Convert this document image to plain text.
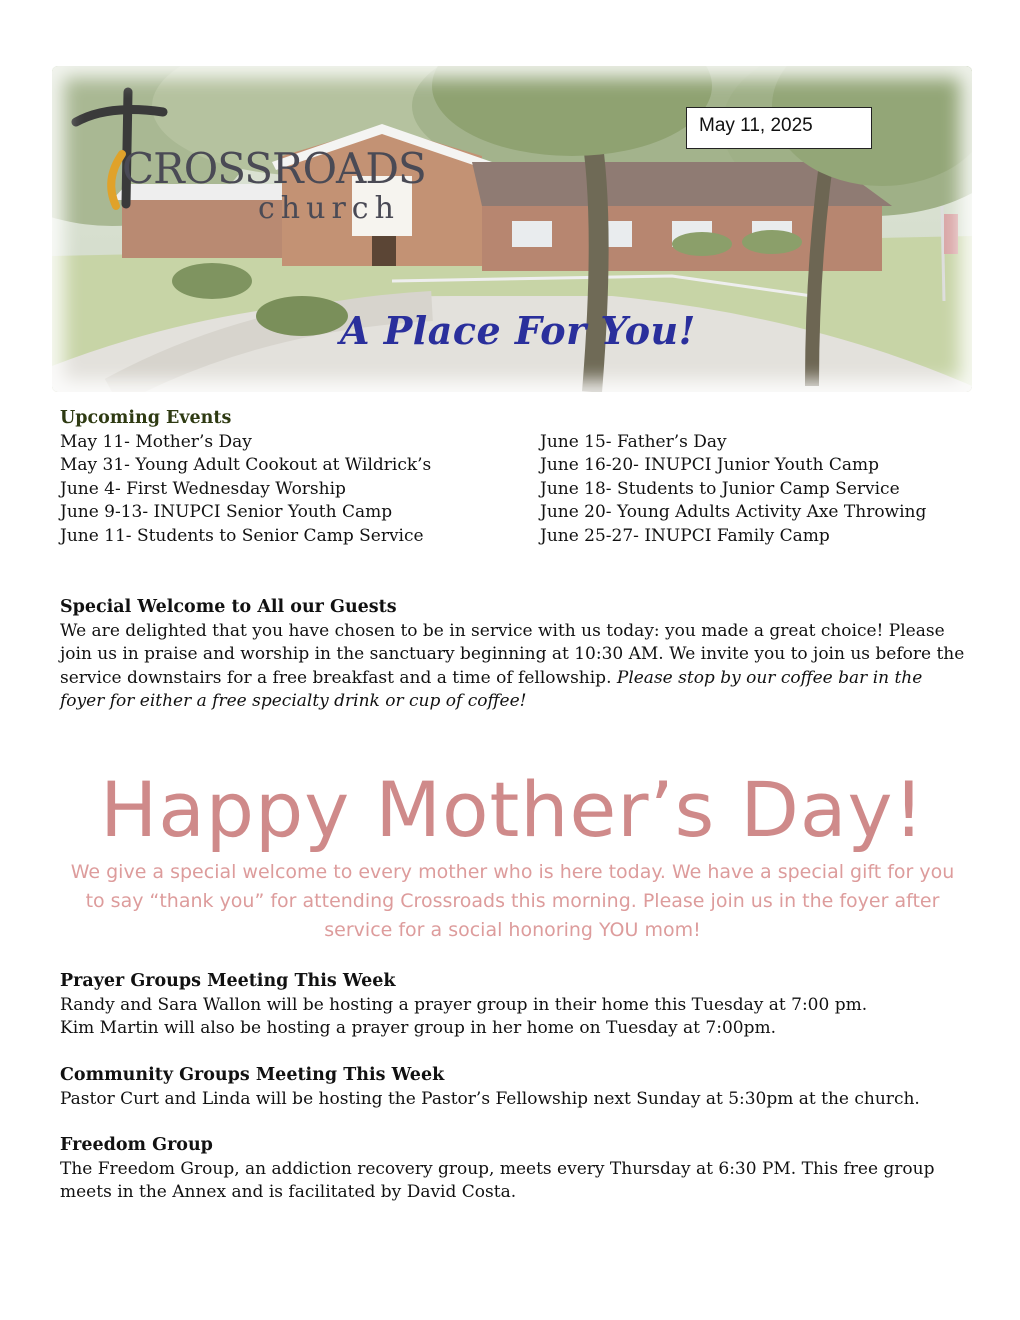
CROSSROADS
church
A Place For You!
May 11, 2025
Upcoming Events
May 11- Mother’s Day
May 31- Young Adult Cookout at Wildrick’s
June 4- First Wednesday Worship
June 9-13- INUPCI Senior Youth Camp
June 11- Students to Senior Camp Service
June 15- Father’s Day
June 16-20- INUPCI Junior Youth Camp
June 18- Students to Junior Camp Service
June 20- Young Adults Activity Axe Throwing
June 25-27- INUPCI Family Camp
Special Welcome to All our Guests

We are delighted that you have chosen to be in service with us today: you made a great choice! Please join us in praise and worship in the sanctuary beginning at 10:30 AM. We invite you to join us before the service downstairs for a free breakfast and a time of fellowship. Please stop by our coffee bar in the foyer for either a free specialty drink or cup of coffee!

Happy Mother’s Day!
We give a special welcome to every mother who is here today. We have a special gift for you to say “thank you” for attending Crossroads this morning. Please join us in the foyer after service for a social honoring YOU mom!
Prayer Groups Meeting This Week

Randy and Sara Wallon will be hosting a prayer group in their home this Tuesday at 7:00 pm.

Kim Martin will also be hosting a prayer group in her home on Tuesday at 7:00pm.

Community Groups Meeting This Week

Pastor Curt and Linda will be hosting the Pastor’s Fellowship next Sunday at 5:30pm at the church.

Freedom Group

The Freedom Group, an addiction recovery group, meets every Thursday at 6:30 PM. This free group meets in the Annex and is facilitated by David Costa.
